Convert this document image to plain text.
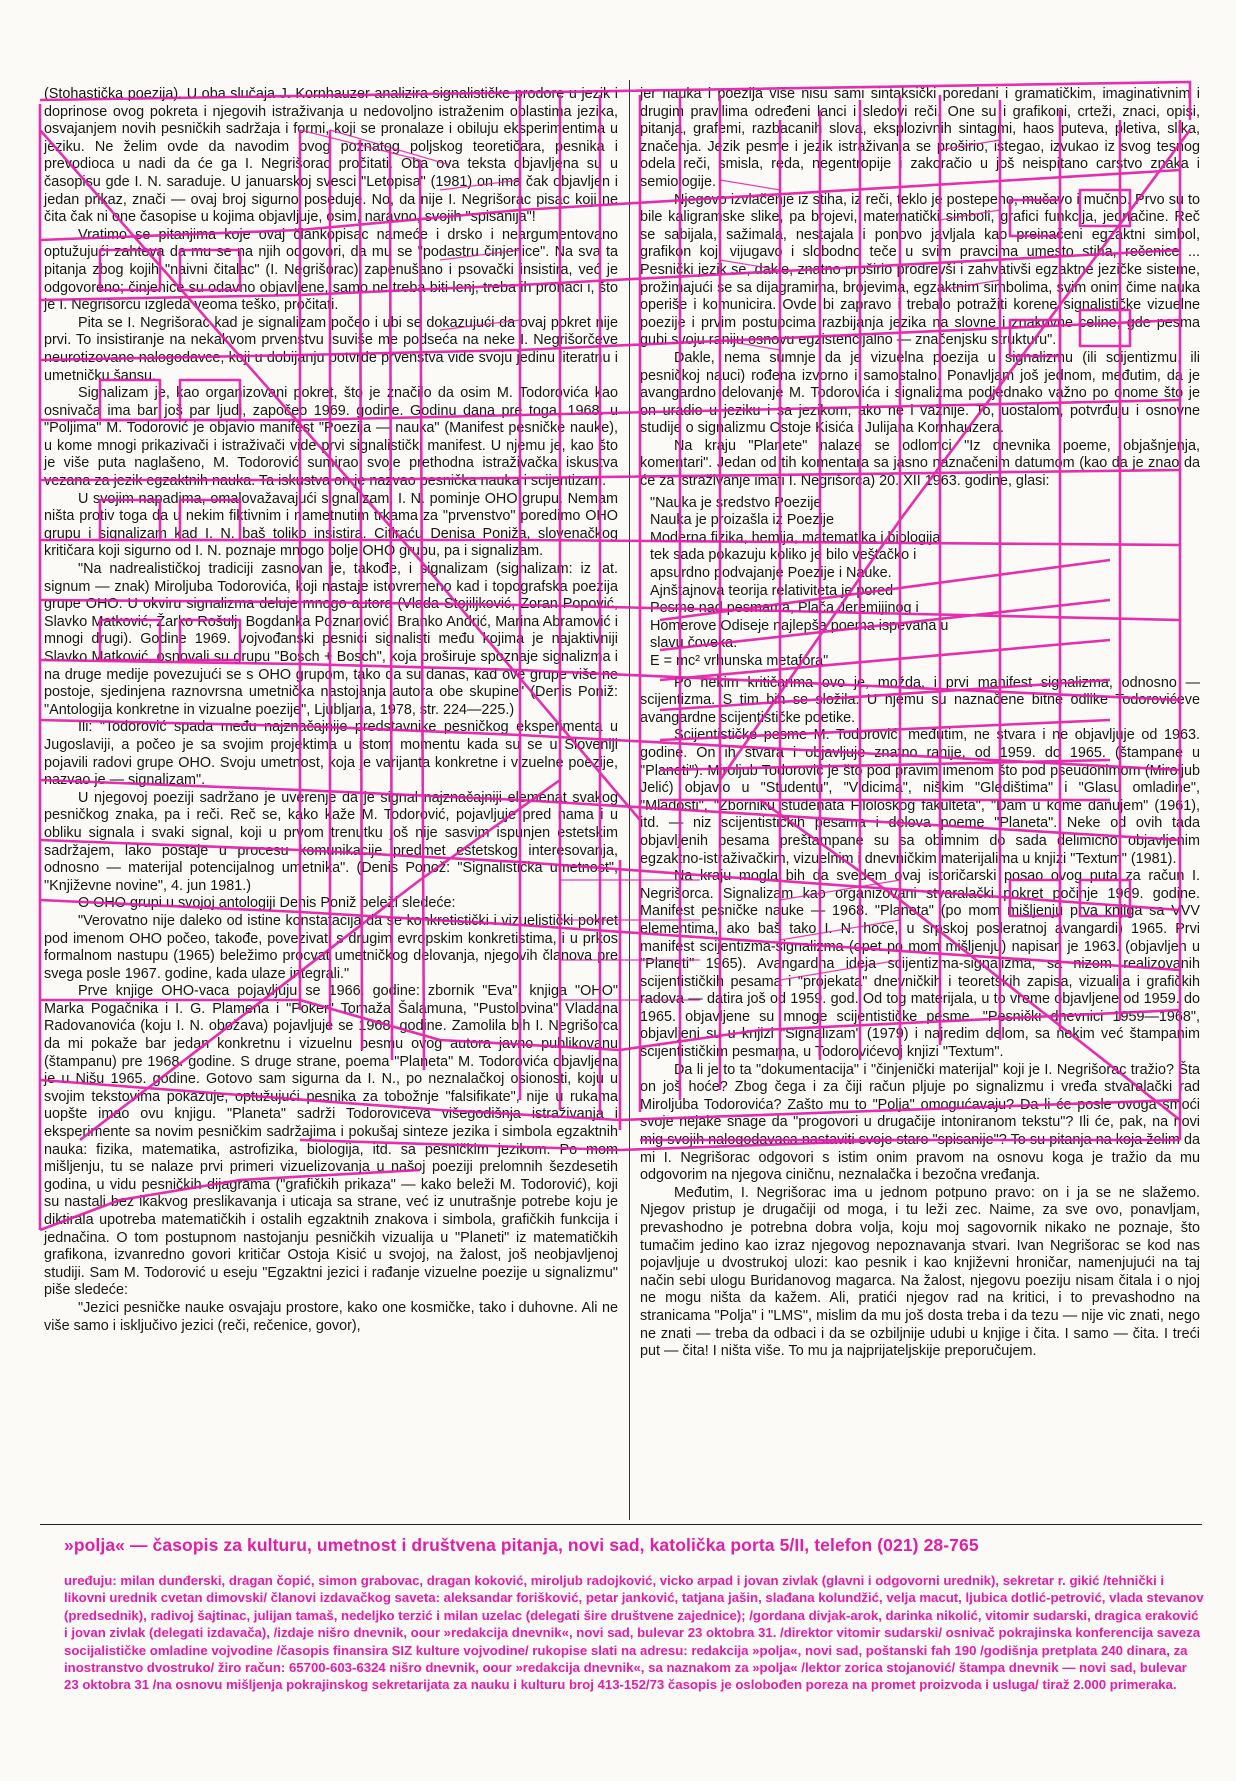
(Stohastička poezija). U oba slučaja J. Kornhauzer analizira signalističke prodore u jezik i doprinose ovog pokreta i njegovih istraživanja u nedovoljno istraženim oblastima jezika, osvajanjem novih pesničkih sadržaja i formi, koji se pronalaze i obiluju eksperimentima u jeziku. Ne želim ovde da navodim ovog poznatog poljskog teoretičara, pesnika i prevodioca u nadi da će ga I. Negrišorac pročitati. Oba ova teksta objavljena su u časopisu gde I. N. saraduje. U januarskoj svesci "Letopisa" (1981) on ima čak objavljen i jedan prikaz, znači — ovaj broj sigurno poseduje. No, da nije I. Negrišorac pisac koji ne čita čak ni one časopise u kojima objavljuje, osim, naravno, svojih "spisanija"!

Vratimo se pitanjima koje ovaj člankopisac nameće i drsko i neargumentovano optužujući zahteva da mu se na njih odgovori, da mu se "podastru činjenice". Na sva ta pitanja zbog kojih "naivni čitalac" (I. Negrišorac) zapenušano i psovački insistira, već je odgovoreno; činjenice su odavno objavljene, samo ne treba biti lenj, treba ih pronaći i, što je I. Negrišorcu izgleda veoma teško, pročitati.

Pita se I. Negrišorac kad je signalizam počeo i ubi se dokazujući da ovaj pokret nije prvi. To insistiranje na nekakvom prvenstvu isuviše me podseća na neke I. Negrišorčeve neurotizovane nalogodavce, koji u dobijanju potvrde prvenstva vide svoju jedinu literatnu i umetničku šansu.

Signalizam je, kao organizovani pokret, što je značilo da osim M. Todorovića kao osnivača ima bar još par ljudi, započeo 1969. godine. Godinu dana pre toga, 1968. u "Poljima" M. Todorović je objavio manifest "Poezija — nauka" (Manifest pesničke nauke), u kome mnogi prikazivači i istraživači vide prvi signalistički manifest. U njemu je, kao što je više puta naglašeno, M. Todorović sumirao svoje prethodna istraživačka iskustva vezana za jezik egzaktnih nauka. Ta iskustva on je nazvao pesnička nauka i scijentizam.

U svojim napadima, omalovažavajući signalizam, I. N. pominje OHO grupu. Nemam ništa protiv toga da u nekim fiktivnim i nametnutim trkama za "prvenstvo" poredimo OHO grupu i signalizam kad I. N. baš toliko insistira. Citiraću Denisa Poniža, slovenačkog kritičara koji sigurno od I. N. poznaje mnogo bolje OHO grupu, pa i signalizam.

"Na nadrealističkoj tradiciji zasnovan je, takođe, i signalizam (signalizam: iz lat. signum — znak) Miroljuba Todorovića, koji nastaje istovremeno kad i topografska poezija grupe OHO. U okviru signalizma deluje mnogo autora (Vlada Stojiljković, Zoran Popović, Slavko Matković, Žarko Rošulj, Bogdanka Poznanović, Branko Andrić, Marina Abramović i mnogi drugi). Godine 1969. vojvođanski pesnici signalisti među kojima je najaktivniji Slavko Matković, osnovali su grupu "Bosch + Bosch", koja proširuje spoznaje signalizma i na druge medije povezujući se s OHO grupom, tako da su danas, kad ove grupe više ne postoje, sjedinjena raznovrsna umetnička nastojanja autora obe skupine" (Denis Poniž: "Antologija konkretne in vizualne poezije", Ljubljana, 1978, str. 224—225.)

Ili: "Todorović spada među najznačajnije predstavnike pesničkog eksperimenta u Jugoslaviji, a počeo je sa svojim projektima u istom momentu kada su se u Sloveniji pojavili radovi grupe OHO. Svoju umetnost, koja je varijanta konkretne i vizuelne poezije, nazvao je — signalizam".

U njegovoj poeziji sadržano je uverenje da je signal najznačajniji elemenat svakog pesničkog znaka, pa i reči. Reč se, kako kaže M. Todorović, pojavljuje pred nama i u obliku signala i svaki signal, koji u prvom trenutku još nije sasvim ispunjen estetskim sadržajem, lako postaje u procesu komunikacije predmet estetskog interesovanja, odnosno — materijal potencijalnog umetnika". (Denis Ponož: "Signalistička umetnost", "Književne novine", 4. jun 1981.)

O OHO grupi u svojoj antologiji Denis Poniž beleži sledeće:

"Verovatno nije daleko od istine konstatacija da se konkretistički i vizuelistički pokret pod imenom OHO počeo, takođe, povezivati s drugim evropskim konkretistima, i u prkos formalnom nastupu (1965) beležimo procvat umetničkog delovanja, njegovih članova pre svega posle 1967. godine, kada ulaze integrali."

Prve knjige OHO-vaca pojavljuju se 1966. godine: zbornik "Eva", knjiga "OHO" Marka Pogačnika i I. G. Plamena i "Poker" Tomaža Šalamuna, "Pustolovina" Vladana Radovanovića (koju I. N. obožava) pojavljuje se 1968. godine. Zamolila bih I. Negrišorca da mi pokaže bar jedan konkretnu i vizuelnu pesmu ovog autora javno publikovanu (štampanu) pre 1968. godine. S druge strane, poema "Planeta" M. Todorovića objavljena je u Nišu 1965. godine. Gotovo sam sigurna da I. N., po neznalačkoj osionosti, koju u svojim tekstovima pokazuje, optužujući pesnika za tobožnje "falsifikate", nije u rukama uopšte imao ovu knjigu. "Planeta" sadrži Todorovićeva višegodišnja istraživanja i eksperimente sa novim pesničkim sadržajima i pokušaj sinteze jezika i simbola egzaktnih nauka: fizika, matematika, astrofizika, biologija, itd. sa pesničkim jezikom. Po mom mišljenju, tu se nalaze prvi primeri vizuelizovanja u našoj poeziji prelomnih šezdesetih godina, u vidu pesničkih dijagrama ("grafičkih prikaza" — kako beleži M. Todorović), koji su nastali bez ikakvog preslikavanja i uticaja sa strane, već iz unutrašnje potrebe koju je diktirala upotreba matematičkih i ostalih egzaktnih znakova i simbola, grafičkih funkcija i jednačina. O tom postupnom nastojanju pesničkih vizualija u "Planeti" iz matematičkih grafikona, izvanredno govori kritičar Ostoja Kisić u svojoj, na žalost, još neobjavljenoj studiji. Sam M. Todorović u eseju "Egzaktni jezici i rađanje vizuelne poezije u signalizmu" piše sledeće:

"Jezici pesničke nauke osvajaju prostore, kako one kosmičke, tako i duhovne. Ali ne više samo i isključivo jezici (reči, rečenice, govor),

jer nauka i poezija više nisu sami sintaksički poredani i gramatičkim, imaginativnim i drugim pravilima određeni lanci i sledovi reči. One su i grafikoni, crteži, znaci, opisi, pitanja, grafemi, razbacanih slova, eksplozivnih sintagmi, haos puteva, pletiva, slika, značenja. Jezik pesme i jezik istraživanja se proširio, istegao, izvukao iz svog tesnog odela reči, smisla, reda, negentropije i zakoračio u još neispitano carstvo znaka i semiologije.

Njegovo izvlačenje iz stiha, iz reči, teklo je postepeno, mučavo i mučno. Prvo su to bile kaligramske slike, pa brojevi, matematički simboli, grafici funkcija, jednačine. Reč se sabijala, sažimala, nestajala i ponovo javljala kao preinačeni egzaktni simbol, grafikon koji vijugavo i slobodno teče u svim pravcima umesto stiha, rečenice ... Pesnički jezik se, dakle, znatno proširio prodrevši i zahvativši egzaktne jezičke sisteme, prožimajući se sa dijagramima, brojevima, egzaktnim simbolima, svim onim čime nauka operiše i komunicira. Ovde bi zapravo i trebalo potražiti korene signalističke vizuelne poezije i prvim postupcima razbijanja jezika na slovne i znakovne celine, gde pesma gubi svoju raniju osnovu egzistencijalno — značenjsku strukturu".

Dakle, nema sumnje da je vizuelna poezija u signalizmu (ili scijentizmu, ili pesničkoj nauci) rođena izvorno i samostalno. Ponavljam još jednom, međutim, da je avangardno delovanje M. Todorovića i signalizma podjednako važno po onome što je on uradio u jeziku i sa jezikom, ako ne i važnije. To, uostalom, potvrđuju i osnovne studije o signalizmu Ostoje Kisića i Julijana Kornhauzera.

Na kraju "Planete" nalaze se odlomci "Iz dnevnika poeme, objašnjenja, komentari". Jedan od tih komentara sa jasno naznačenim datumom (kao da je znao da će za istraživanje imati I. Negrišorca) 20. XII 1963. godine, glasi:

"Nauka je sredstvo Poezije
Nauka je proizašla iz Poezije
Moderna fizika, hemija, matematika i biologija
tek sada pokazuju koliko je bilo veštačko i
apsurdno podvajanje Poezije i Nauke.
Ajnštajnova teorija relativiteta je pored
Pesme nad pesmama, Plača Jeremijinog i
Homerove Odiseje najlepša poema ispevana u
slavu čoveka.
E = mc² vrhunska metafora"

Po nekim kritičarima ovo je, možda, i prvi manifest signalizma, odnosno — scijentizma. S tim bih se složila. U njemu su naznačene bitne odlike Todorovićeve avangardne scijentističke poetike.

Scijentističke pesme M. Todorović, međutim, ne stvara i ne objavljuje od 1963. godine. On ih stvara i objavljuje znatno ranije, od 1959. do 1965. (štampane u "Planeti"). Miroljub Todorović je što pod pravim imenom što pod pseudonimom (Miroljub Jelić) objavio u "Studentu", "Vidicima", niškim "Gledištima" i "Glasu omladine", "Mladosti", "Zborniku studenata Filološkog fakulteta", "Dam u kome danujem" (1961), itd. — niz scijentističkih pesama i delova poeme "Planeta". Neke od ovih tada objavljenih pesama preštampane su sa obimnim do sada delimično objavljenim egzaktno-istraživačkim, vizuelnim i dnevničkim materijalima u knjizi "Textum" (1981).

Na kraju mogla bih da svedem ovaj istoričarski posao ovog puta za račun I. Negrišorca. Signalizam kao organizovani stvaralački pokret počinje 1969. godine. Manifest pesničke nauke — 1968. "Planeta" (po mom mišljenju prva knjiga sa VVV elementima, ako baš tako I. N. hoće, u srpskoj posleratnoj avangardi) 1965. Prvi manifest scijentizma-signalizma (opet po mom mišljenju) napisan je 1963. (objavljen u "Planeti" 1965). Avangardna ideja scijentizma-signalizma, sa nizom realizovanih scijentističkih pesama i "projekata" dnevničkih i teoretskih zapisa, vizualija i grafičkih radova — datira još od 1959. god. Od tog materijala, u to vreme objavljene od 1959. do 1965. objavljene su mnoge scijentističke pesme. "Pesnički dnevnici 1959—1968", objavljeni su u knjizi "Signalizam" (1979) i najredim delom, sa nekim već štampanim scijentističkim pesmama, u Todorovićevoj knjizi "Textum".

Da li je to ta "dokumentacija" i "činjenički materijal" koji je I. Negrišorac tražio? Šta on još hoće? Zbog čega i za čiji račun pljuje po signalizmu i vređa stvaralački rad Miroljuba Todorovića? Zašto mu to "Polja" omogućavaju? Da li će posle ovoga smoći svoje nejake snage da "progovori u drugačije intoniranom tekstu"? Ili će, pak, na novi mig svojih nalogodavaca nastaviti svoje staro "spisanije"? To su pitanja na koja želim da mi I. Negrišorac odgovori s istim onim pravom na osnovu koga je tražio da mu odgovorim na njegova ciničnu, neznalačka i bezočna vređanja.

Međutim, I. Negrišorac ima u jednom potpuno pravo: on i ja se ne slažemo. Njegov pristup je drugačiji od moga, i tu leži zec. Naime, za sve ovo, ponavljam, prevashodno je potrebna dobra volja, koju moj sagovornik nikako ne poznaje, što tumačim jedino kao izraz njegovog nepoznavanja stvari. Ivan Negrišorac se kod nas pojavljuje u dvostrukoj ulozi: kao pesnik i kao književni hroničar, namenjujući na taj način sebi ulogu Buridanovog magarca. Na žalost, njegovu poeziju nisam čitala i o njoj ne mogu ništa da kažem. Ali, pratići njegov rad na kritici, i to prevashodno na stranicama "Polja" i "LMS", mislim da mu još dosta treba i da tezu — nije vic znati, nego ne znati — treba da odbaci i da se ozbiljnije udubi u knjige i čita. I samo — čita. I treći put — čita! I ništa više. To mu ja najprijateljskije preporučujem.

»polja« — časopis za kulturu, umetnost i društvena pitanja, novi sad, katolička porta 5/II, telefon (021) 28-765
uređuju: milan dunđerski, dragan čopić, simon grabovac, dragan koković, miroljub radojković, vicko arpad i jovan zivlak (glavni i odgovorni urednik), sekretar r. gikić /tehnički i likovni urednik cvetan dimovski/ članovi izdavačkog saveta: aleksandar forišković, petar janković, tatjana jašin, slađana kolundžić, velja macut, ljubica dotlić-petrović, vlada stevanov (predsednik), radivoj šajtinac, julijan tamaš, nedeljko terzić i milan uzelac (delegati šire društvene zajednice); /gordana divjak-arok, darinka nikolić, vitomir sudarski, dragica eraković i jovan zivlak (delegati izdavača), /izdaje nišro dnevnik, oour »redakcija dnevnik«, novi sad, bulevar 23 oktobra 31. /direktor vitomir sudarski/ osnivač pokrajinska konferencija saveza socijalističke omladine vojvodine /časopis finansira SIZ kulture vojvodine/ rukopise slati na adresu: redakcija »polja«, novi sad, poštanski fah 190 /godišnja pretplata 240 dinara, za inostranstvo dvostruko/ žiro račun: 65700-603-6324 nišro dnevnik, oour »redakcija dnevnik«, sa naznakom za »polja« /lektor zorica stojanović/ štampa dnevnik — novi sad, bulevar 23 oktobra 31 /na osnovu mišljenja pokrajinskog sekretarijata za nauku i kulturu broj 413-152/73 časopis je oslobođen poreza na promet proizvoda i usluga/ tiraž 2.000 primeraka.
